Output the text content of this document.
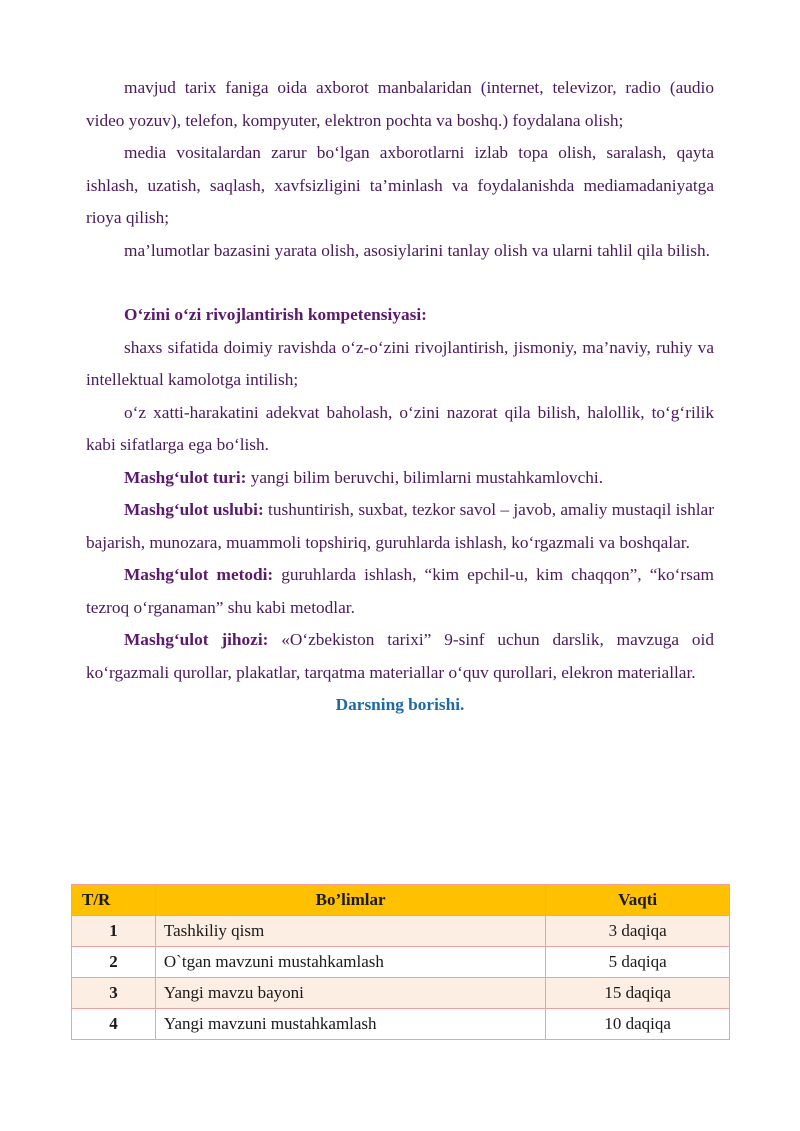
mavjud tarix faniga oida axborot manbalaridan (internet, televizor, radio (audio video yozuv), telefon, kompyuter, elektron pochta va boshq.) foydalana olish;

media vositalardan zarur bo‘lgan axborotlarni izlab topa olish, saralash, qayta ishlash, uzatish, saqlash, xavfsizligini ta’minlash va foydalanishda mediamadaniyatga rioya qilish;

ma’lumotlar bazasini yarata olish, asosiylarini tanlay olish va ularni tahlil qila bilish.

O‘zini o‘zi rivojlantirish kompetensiyasi:

shaxs sifatida doimiy ravishda o‘z-o‘zini rivojlantirish, jismoniy, ma’naviy, ruhiy va intellektual kamolotga intilish;

o‘z xatti-harakatini adekvat baholash, o‘zini nazorat qila bilish, halollik, to‘g‘rilik kabi sifatlarga ega bo‘lish.

Mashg‘ulot turi: yangi bilim beruvchi, bilimlarni mustahkamlovchi.

Mashg‘ulot uslubi: tushuntirish, suxbat, tezkor savol – javob, amaliy mustaqil ishlar bajarish, munozara, muammoli topshiriq, guruhlarda ishlash, ko‘rgazmali va boshqalar.

Mashg‘ulot metodi: guruhlarda ishlash, “kim epchil-u, kim chaqqon”, “ko‘rsam tezroq o‘rganaman” shu kabi metodlar.

Mashg‘ulot jihozi: «O‘zbekiston tarixi” 9-sinf uchun darslik, mavzuga oid ko‘rgazmali qurollar, plakatlar, tarqatma materiallar o‘quv qurollari, elekron materiallar.

Darsning borishi.

T/R	Bo’limlar	Vaqti
1	Tashkiliy qism	3 daqiqa
2	O`tgan mavzuni mustahkamlash	5 daqiqa
3	Yangi mavzu bayoni	15 daqiqa
4	Yangi mavzuni mustahkamlash	10 daqiqa
